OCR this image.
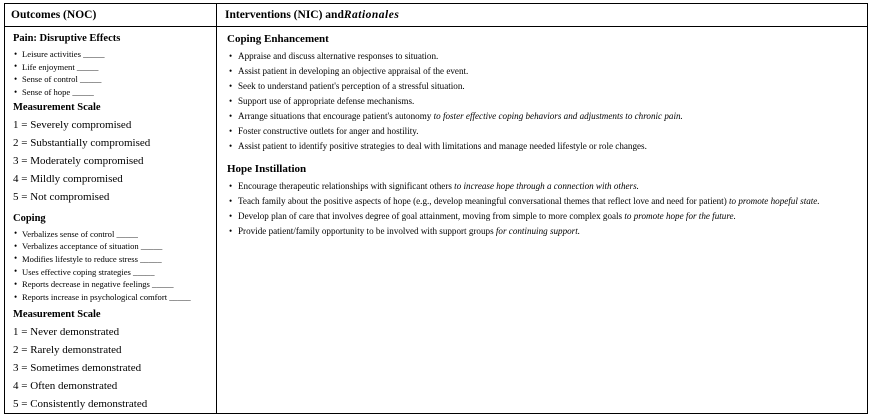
Outcomes (NOC)	Interventions (NIC) and Rationales
Pain: Disruptive Effects
• Leisure activities _____
• Life enjoyment _____
• Sense of control _____
• Sense of hope _____
Measurement Scale
1 = Severely compromised
2 = Substantially compromised
3 = Moderately compromised
4 = Mildly compromised
5 = Not compromised
Coping
• Verbalizes sense of control _____
• Verbalizes acceptance of situation _____
• Modifies lifestyle to reduce stress _____
• Uses effective coping strategies _____
• Reports decrease in negative feelings _____
• Reports increase in psychological comfort _____
Measurement Scale
1 = Never demonstrated
2 = Rarely demonstrated
3 = Sometimes demonstrated
4 = Often demonstrated
5 = Consistently demonstrated
Coping Enhancement
• Appraise and discuss alternative responses to situation.
• Assist patient in developing an objective appraisal of the event.
• Seek to understand patient's perception of a stressful situation.
• Support use of appropriate defense mechanisms.
• Arrange situations that encourage patient's autonomy to foster effective coping behaviors and adjustments to chronic pain.
• Foster constructive outlets for anger and hostility.
• Assist patient to identify positive strategies to deal with limitations and manage needed lifestyle or role changes.
Hope Instillation
• Encourage therapeutic relationships with significant others to increase hope through a connection with others.
• Teach family about the positive aspects of hope (e.g., develop meaningful conversational themes that reflect love and need for patient) to promote hopeful state.
• Develop plan of care that involves degree of goal attainment, moving from simple to more complex goals to promote hope for the future.
• Provide patient/family opportunity to be involved with support groups for continuing support.
